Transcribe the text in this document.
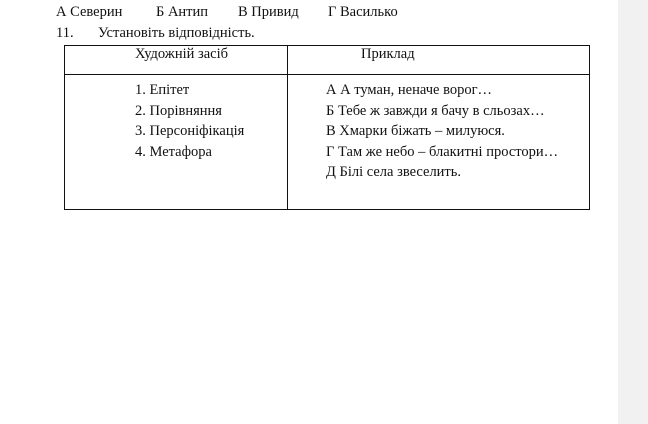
А Северин Б Антип В Привид Г Василько
11. Установіть відповідність.
Художній засіб	Приклад
1. Епітет
2. Порівняння
3. Персоніфікація
4. Метафора
А А туман, неначе ворог…
Б Тебе ж завжди я бачу в сльозах…
В Хмарки біжать – милуюся.
Г Там же небо – блакитні простори…
Д Білі села звеселить.
